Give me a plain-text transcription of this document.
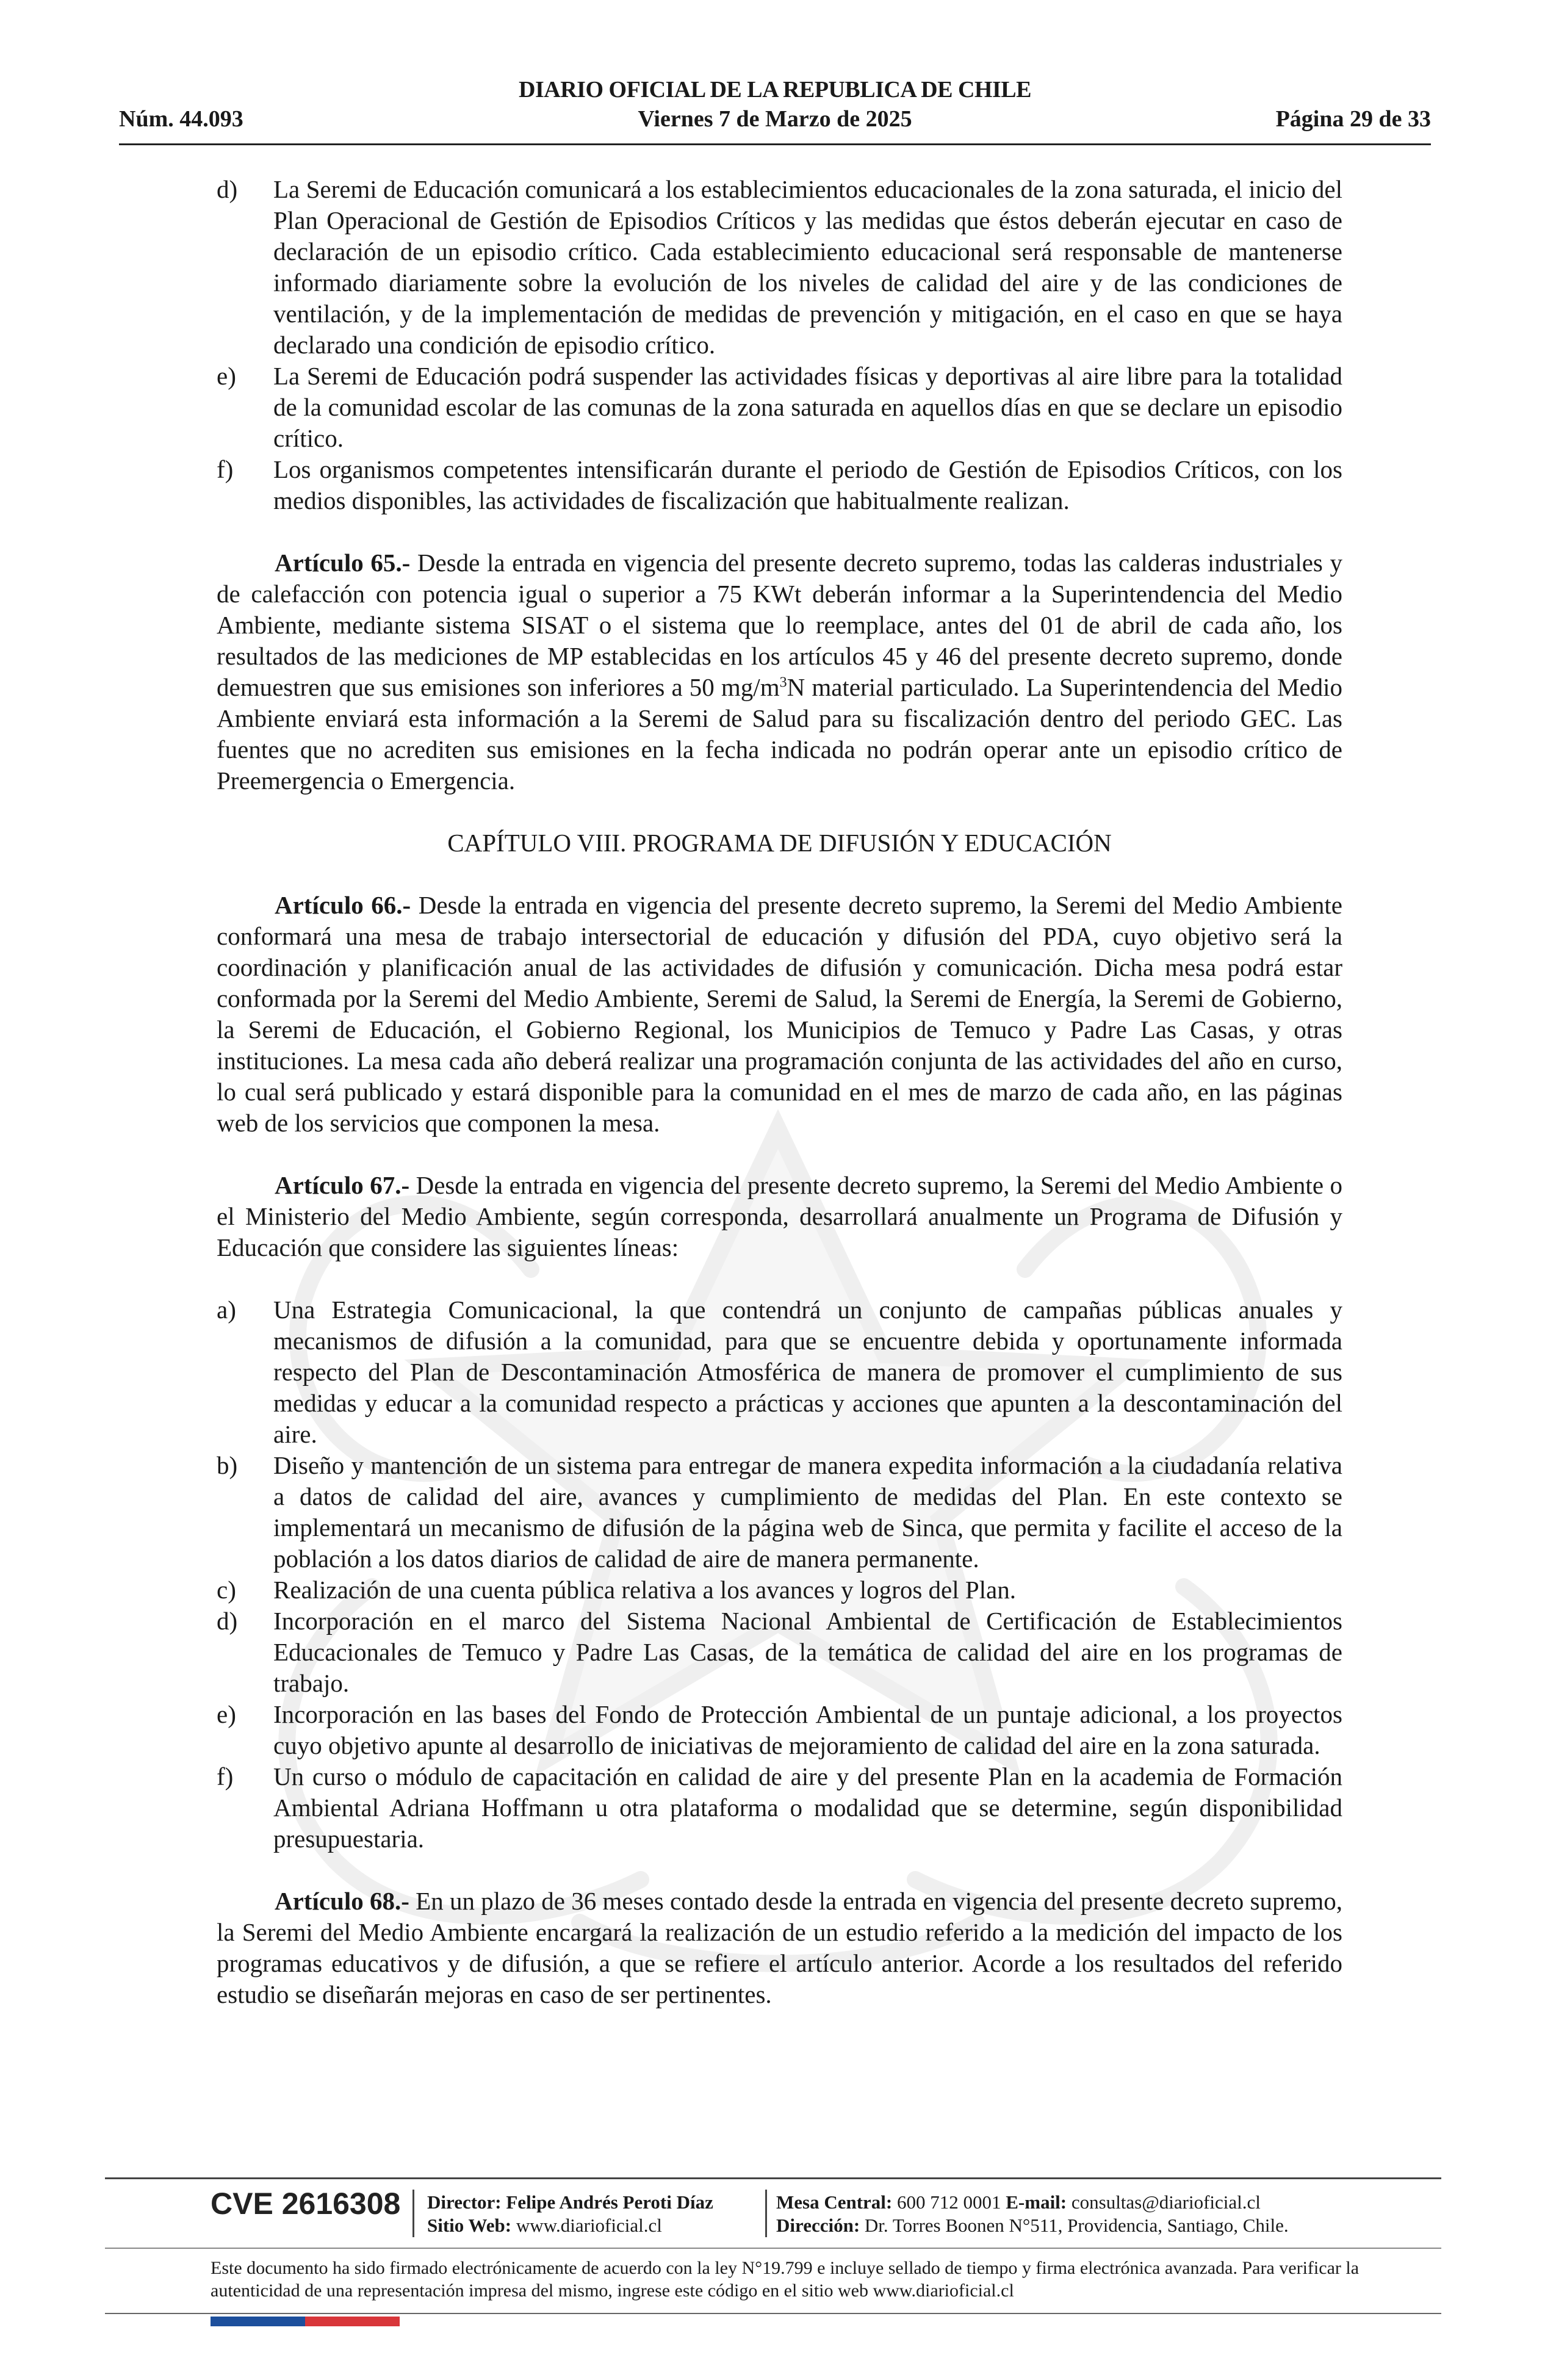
DIARIO OFICIAL DE LA REPUBLICA DE CHILE
Núm. 44.093	Viernes 7 de Marzo de 2025	Página 29 de 33
d)	La Seremi de Educación comunicará a los establecimientos educacionales de la zona saturada, el inicio del Plan Operacional de Gestión de Episodios Críticos y las medidas que éstos deberán ejecutar en caso de declaración de un episodio crítico. Cada establecimiento educacional será responsable de mantenerse informado diariamente sobre la evolución de los niveles de calidad del aire y de las condiciones de ventilación, y de la implementación de medidas de prevención y mitigación, en el caso en que se haya declarado una condición de episodio crítico.
e)	La Seremi de Educación podrá suspender las actividades físicas y deportivas al aire libre para la totalidad de la comunidad escolar de las comunas de la zona saturada en aquellos días en que se declare un episodio crítico.
f)	Los organismos competentes intensificarán durante el periodo de Gestión de Episodios Críticos, con los medios disponibles, las actividades de fiscalización que habitualmente realizan.

Artículo 65.- Desde la entrada en vigencia del presente decreto supremo, todas las calderas industriales y de calefacción con potencia igual o superior a 75 KWt deberán informar a la Superintendencia del Medio Ambiente, mediante sistema SISAT o el sistema que lo reemplace, antes del 01 de abril de cada año, los resultados de las mediciones de MP establecidas en los artículos 45 y 46 del presente decreto supremo, donde demuestren que sus emisiones son inferiores a 50 $mg/m^3N$ material particulado. La Superintendencia del Medio Ambiente enviará esta información a la Seremi de Salud para su fiscalización dentro del periodo GEC. Las fuentes que no acrediten sus emisiones en la fecha indicada no podrán operar ante un episodio crítico de Preemergencia o Emergencia.

CAPÍTULO VIII. PROGRAMA DE DIFUSIÓN Y EDUCACIÓN

Artículo 66.- Desde la entrada en vigencia del presente decreto supremo, la Seremi del Medio Ambiente conformará una mesa de trabajo intersectorial de educación y difusión del PDA, cuyo objetivo será la coordinación y planificación anual de las actividades de difusión y comunicación. Dicha mesa podrá estar conformada por la Seremi del Medio Ambiente, Seremi de Salud, la Seremi de Energía, la Seremi de Gobierno, la Seremi de Educación, el Gobierno Regional, los Municipios de Temuco y Padre Las Casas, y otras instituciones. La mesa cada año deberá realizar una programación conjunta de las actividades del año en curso, lo cual será publicado y estará disponible para la comunidad en el mes de marzo de cada año, en las páginas web de los servicios que componen la mesa.

Artículo 67.- Desde la entrada en vigencia del presente decreto supremo, la Seremi del Medio Ambiente o el Ministerio del Medio Ambiente, según corresponda, desarrollará anualmente un Programa de Difusión y Educación que considere las siguientes líneas:

a)	Una Estrategia Comunicacional, la que contendrá un conjunto de campañas públicas anuales y mecanismos de difusión a la comunidad, para que se encuentre debida y oportunamente informada respecto del Plan de Descontaminación Atmosférica de manera de promover el cumplimiento de sus medidas y educar a la comunidad respecto a prácticas y acciones que apunten a la descontaminación del aire.
b)	Diseño y mantención de un sistema para entregar de manera expedita información a la ciudadanía relativa a datos de calidad del aire, avances y cumplimiento de medidas del Plan. En este contexto se implementará un mecanismo de difusión de la página web de Sinca, que permita y facilite el acceso de la población a los datos diarios de calidad de aire de manera permanente.
c)	Realización de una cuenta pública relativa a los avances y logros del Plan.
d)	Incorporación en el marco del Sistema Nacional Ambiental de Certificación de Establecimientos Educacionales de Temuco y Padre Las Casas, de la temática de calidad del aire en los programas de trabajo.
e)	Incorporación en las bases del Fondo de Protección Ambiental de un puntaje adicional, a los proyectos cuyo objetivo apunte al desarrollo de iniciativas de mejoramiento de calidad del aire en la zona saturada.
f)	Un curso o módulo de capacitación en calidad de aire y del presente Plan en la academia de Formación Ambiental Adriana Hoffmann u otra plataforma o modalidad que se determine, según disponibilidad presupuestaria.

Artículo 68.- En un plazo de 36 meses contado desde la entrada en vigencia del presente decreto supremo, la Seremi del Medio Ambiente encargará la realización de un estudio referido a la medición del impacto de los programas educativos y de difusión, a que se refiere el artículo anterior. Acorde a los resultados del referido estudio se diseñarán mejoras en caso de ser pertinentes.

CVE 2616308 Director: Felipe Andrés Peroti Díaz
Sitio Web: www.diarioficial.cl
Mesa Central: 600 712 0001 E-mail: consultas@diarioficial.cl
Dirección: Dr. Torres Boonen N°511, Providencia, Santiago, Chile.
Este documento ha sido firmado electrónicamente de acuerdo con la ley N°19.799 e incluye sellado de tiempo y firma electrónica avanzada. Para verificar la autenticidad de una representación impresa del mismo, ingrese este código en el sitio web www.diarioficial.cl
